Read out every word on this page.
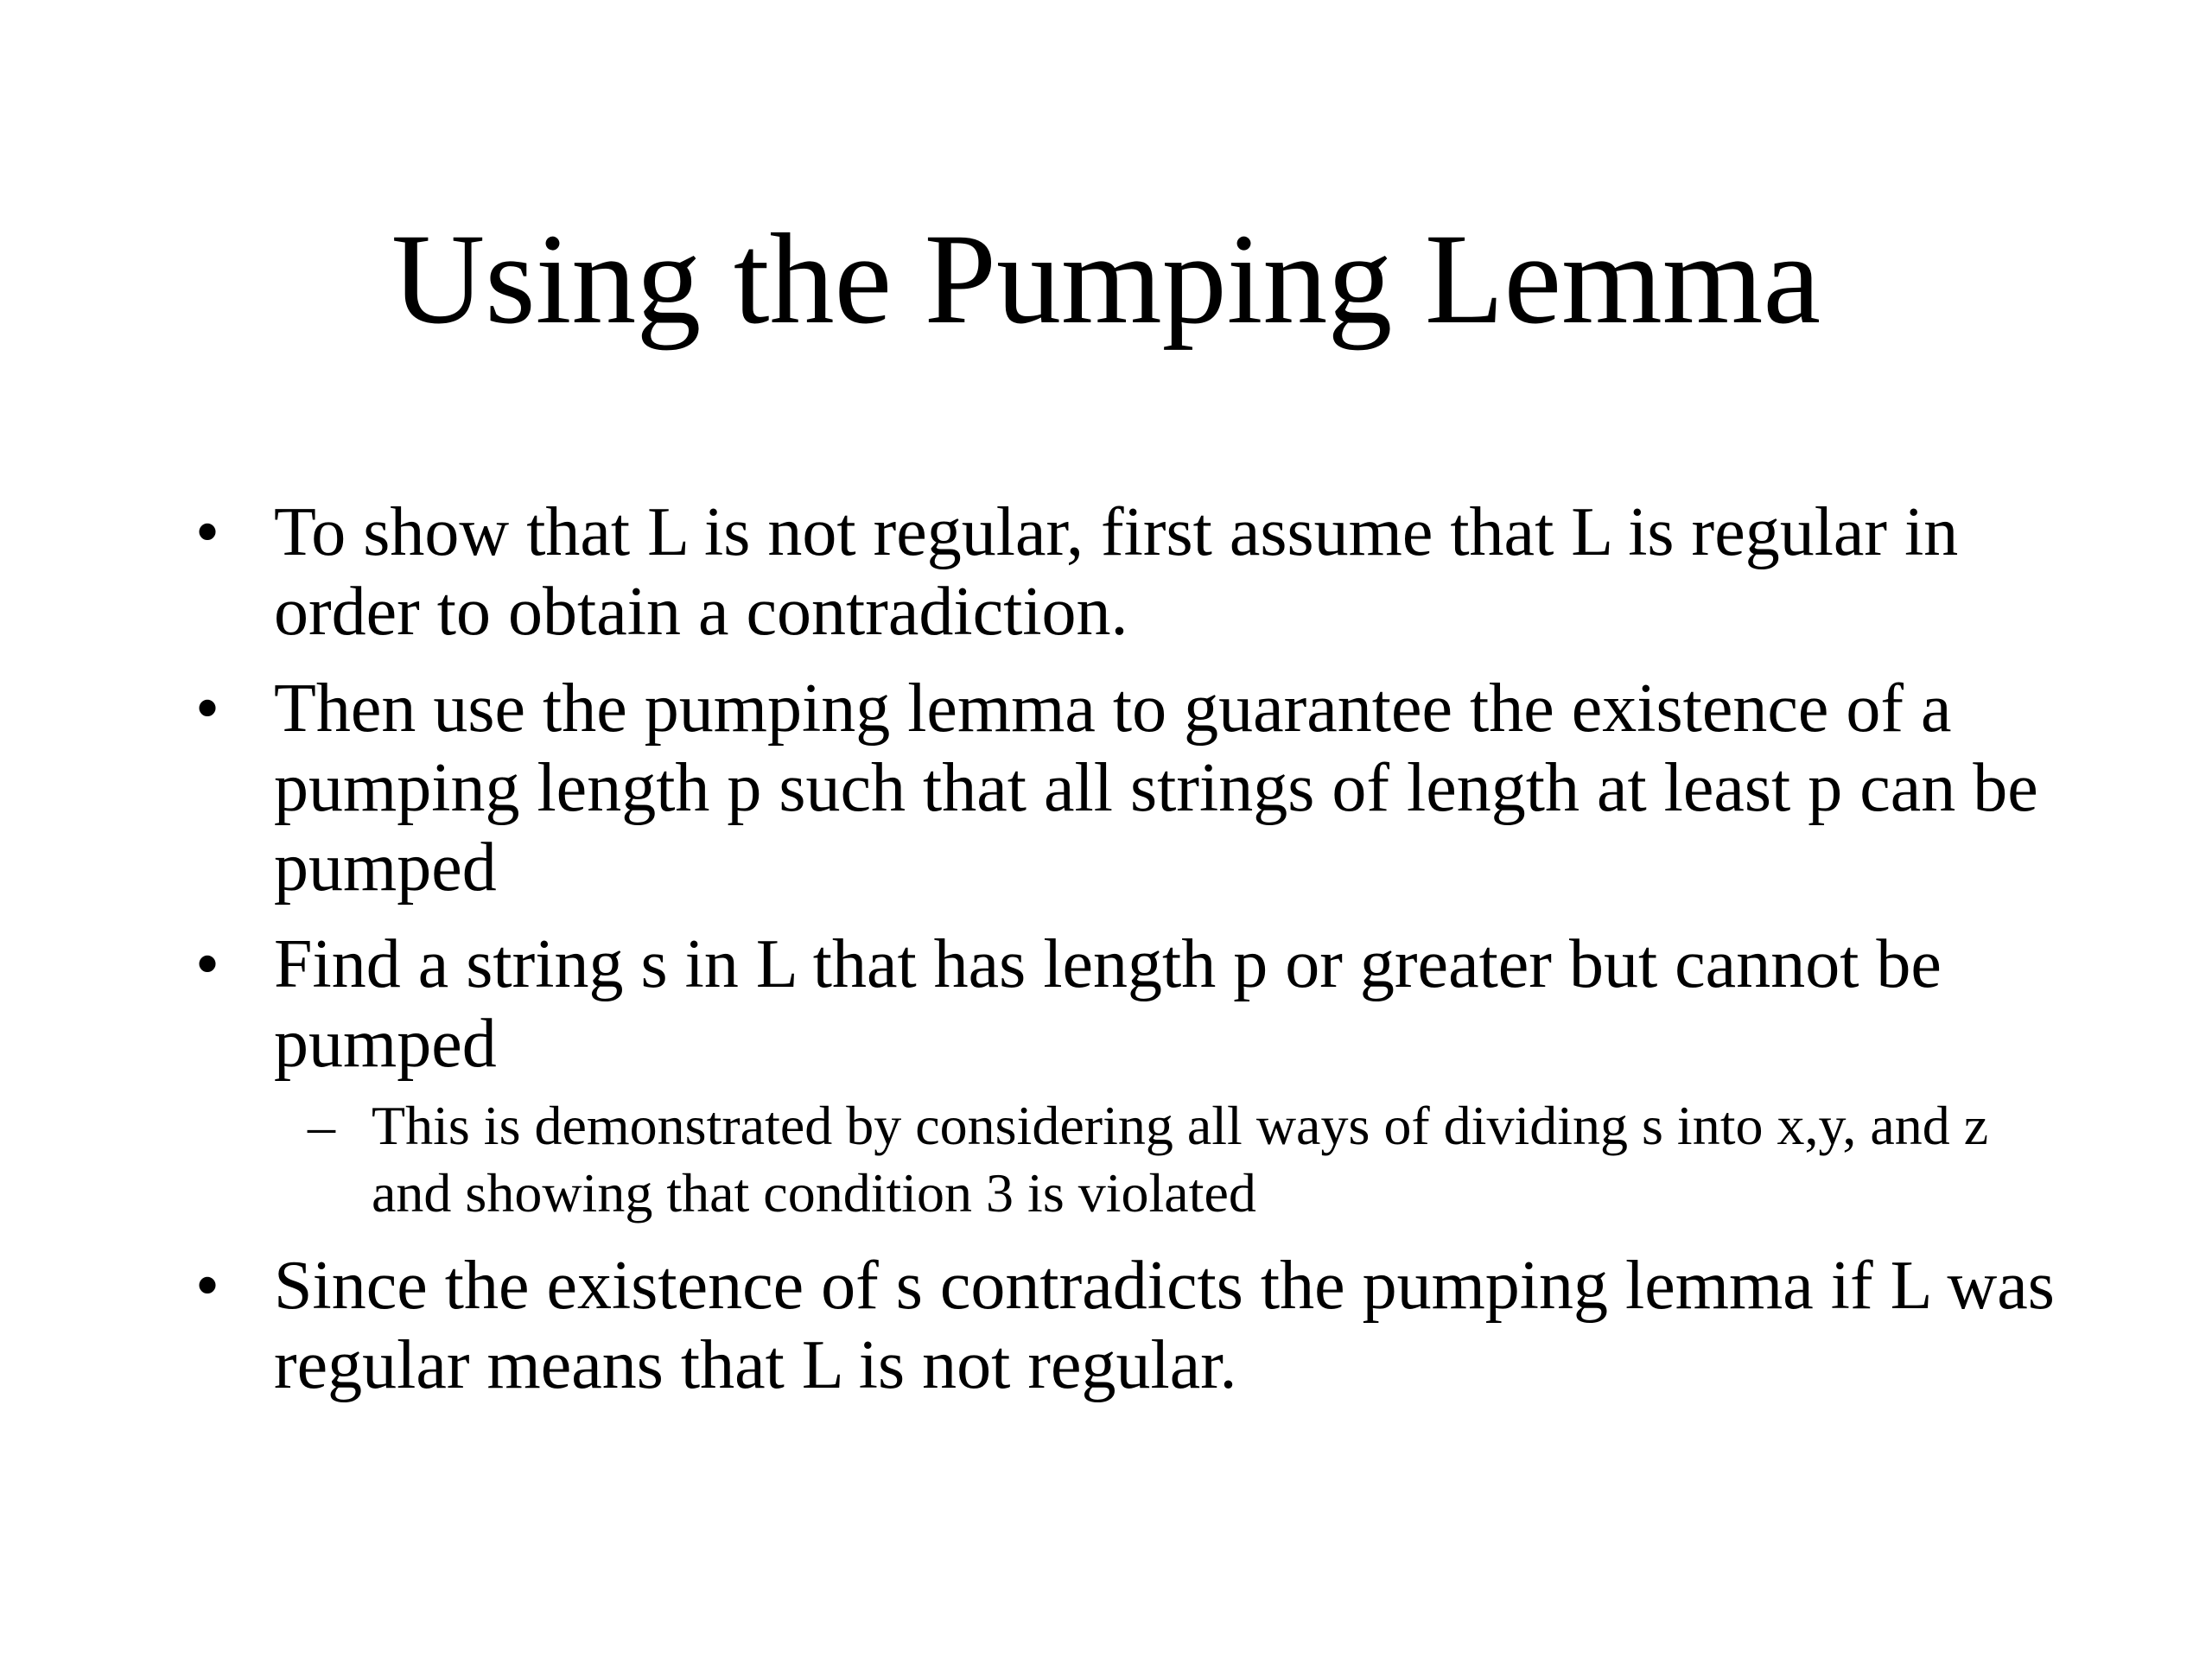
Using the Pumping Lemma
• To show that L is not regular, first assume that L is regular in order to obtain a contradiction.
• Then use the pumping lemma to guarantee the existence of a pumping length p such that all strings of length at least p can be pumped
• Find a string s in L that has length p or greater but cannot be pumped
– This is demonstrated by considering all ways of dividing s into x,y, and z and showing that condition 3 is violated
• Since the existence of s contradicts the pumping lemma if L was regular means that L is not regular.
